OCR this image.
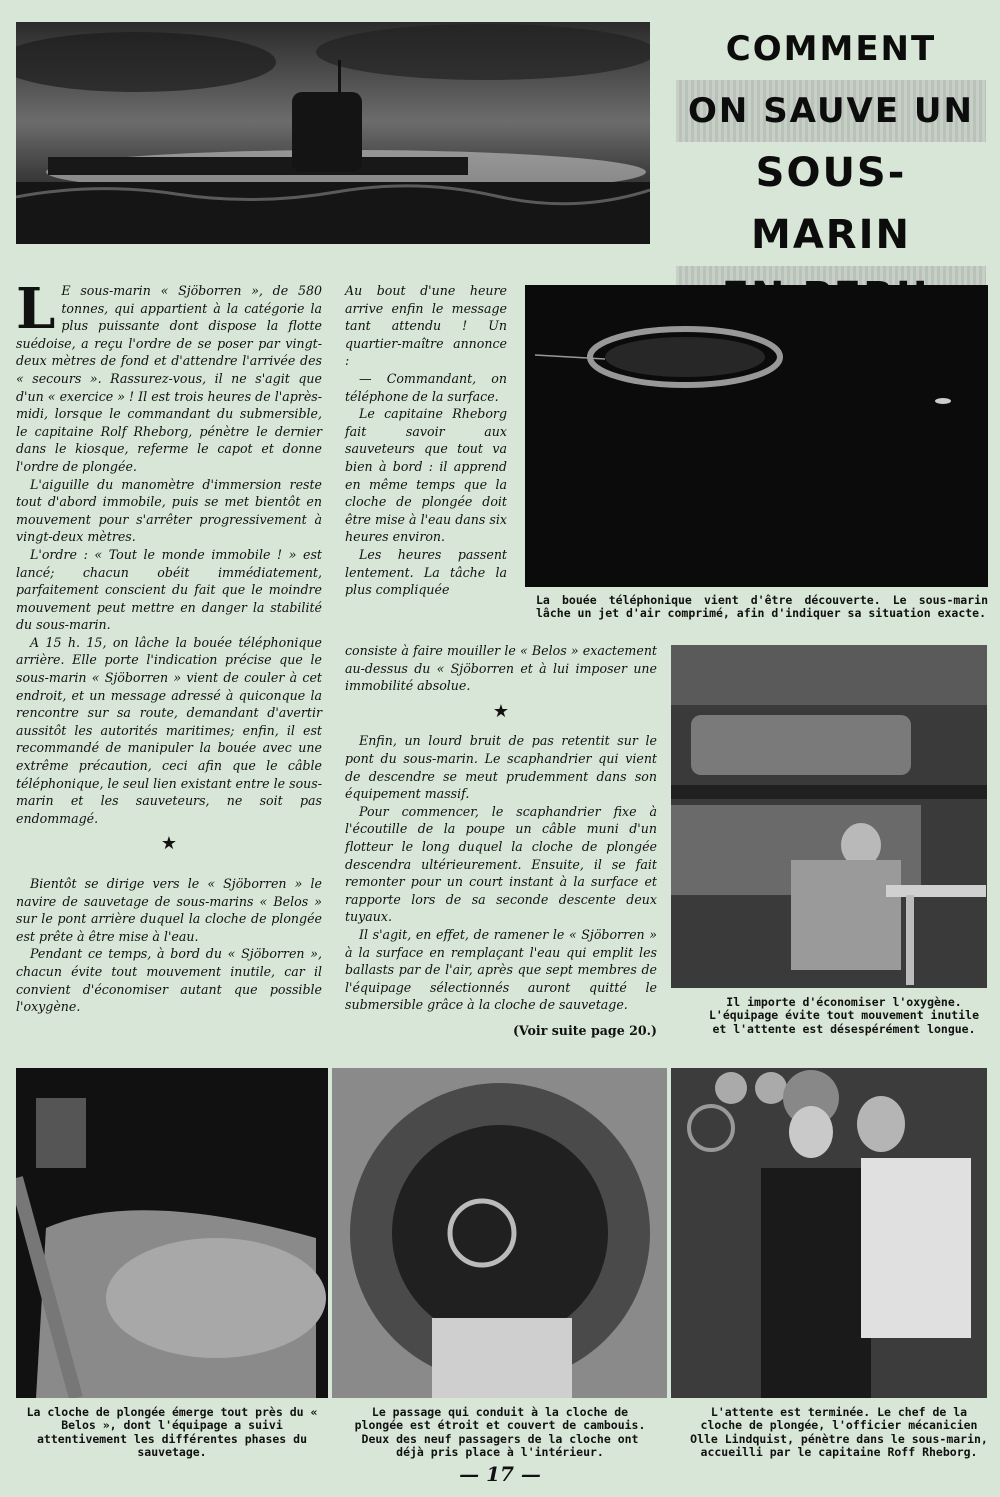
COMMENT
ON SAUVE UN
SOUS-MARIN

L E sous-marin « Sjöborren », de 580 tonnes, qui appartient à la catégorie la plus puissante dont dispose la flotte suédoise, a reçu l'ordre de se poser par vingt-deux mètres de fond et d'attendre l'arrivée des « secours ». Rassurez-vous, il ne s'agit que d'un « exercice » ! Il est trois heures de l'après-midi, lorsque le commandant du submersible, le capitaine Rolf Rheborg, pénètre le dernier dans le kiosque, referme le capot et donne l'ordre de plongée.

L'aiguille du manomètre d'immersion reste tout d'abord immobile, puis se met bientôt en mouvement pour s'arrêter progressivement à vingt-deux mètres.

L'ordre : « Tout le monde immobile ! » est lancé; chacun obéit immédiatement, parfaitement conscient du fait que le moindre mouvement peut mettre en danger la stabilité du sous-marin.

A 15 h. 15, on lâche la bouée téléphonique arrière. Elle porte l'indication précise que le sous-marin « Sjöborren » vient de couler à cet endroit, et un message adressé à quiconque la rencontre sur sa route, demandant d'avertir aussitôt les autorités maritimes; enfin, il est recommandé de manipuler la bouée avec une extrême précaution, ceci afin que le câble téléphonique, le seul lien existant entre le sous-marin et les sauveteurs, ne soit pas endommagé.

★

Bientôt se dirige vers le « Sjöborren » le navire de sauvetage de sous-marins « Belos » sur le pont arrière duquel la cloche de plongée est prête à être mise à l'eau.

Pendant ce temps, à bord du « Sjöborren », chacun évite tout mouvement inutile, car il convient d'économiser autant que possible l'oxygène.

Au bout d'une heure arrive enfin le message tant attendu ! Un quartier-maître annonce :

— Commandant, on téléphone de la surface.

Le capitaine Rheborg fait savoir aux sauveteurs que tout va bien à bord : il apprend en même temps que la cloche de plongée doit être mise à l'eau dans six heures environ.

Les heures passent lentement. La tâche la plus compliquée

consiste à faire mouiller le « Belos » exactement au-dessus du « Sjöborren et à lui imposer une immobilité absolue.

★

Enfin, un lourd bruit de pas retentit sur le pont du sous-marin. Le scaphandrier qui vient de descendre se meut prudemment dans son équipement massif.

Pour commencer, le scaphandrier fixe à l'écoutille de la poupe un câble muni d'un flotteur le long duquel la cloche de plongée descendra ultérieurement. Ensuite, il se fait remonter pour un court instant à la surface et rapporte lors de sa seconde descente deux tuyaux.

Il s'agit, en effet, de ramener le « Sjöborren » à la surface en remplaçant l'eau qui emplit les ballasts par de l'air, après que sept membres de l'équipage sélectionnés auront quitté le submersible grâce à la cloche de sauvetage.

(Voir suite page 20.)
La bouée téléphonique vient d'être découverte. Le sous-marin lâche un jet d'air comprimé, afin d'indiquer sa situation exacte.
Il importe d'économiser l'oxygène. L'équipage évite tout mouvement inutile et l'attente est désespérément longue.
La cloche de plongée émerge tout près du « Belos », dont l'équipage a suivi attentivement les différentes phases du sauvetage.
Le passage qui conduit à la cloche de plongée est étroit et couvert de cambouis. Deux des neuf passagers de la cloche ont déjà pris place à l'intérieur.
L'attente est terminée. Le chef de la cloche de plongée, l'officier mécanicien Olle Lindquist, pénètre dans le sous-marin, accueilli par le capitaine Roff Rheborg.
— 17 —
